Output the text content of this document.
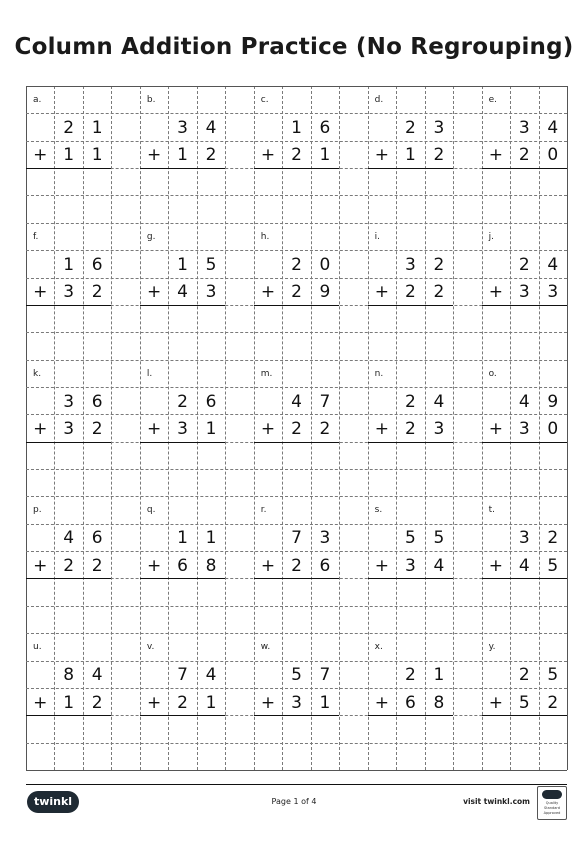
Column Addition Practice (No Regrouping)
a.
2	1
+ 1	1
b.
3	4
+ 1	2
c.
1	6
+ 2	1
d.
2	3
+ 1	2
e.
3	4
+ 2	0
f.
1	6
+ 3	2
g.
1	5
+ 4	3
h.
2	0
+ 2	9
i.
3	2
+ 2	2
j.
2	4
+ 3	3
k.
3	6
+ 3	2
l.
2	6
+ 3	1
m.
4	7
+ 2	2
n.
2	4
+ 2	3
o.
4	9
+ 3	0
p.
4	6
+ 2	2
q.
1	1
+ 6	8
r.
7	3
+ 2	6
s.
5	5
+ 3	4
t.
3	2
+ 4	5
u.
8	4
+ 1	2
v.
7	4
+ 2	1
w.
5	7
+ 3	1
x.
2	1
+ 6	8
y.
2	5
+ 5	2
twinkl	Page 1 of 4	visit twinkl.com	Quality Standard Approved
